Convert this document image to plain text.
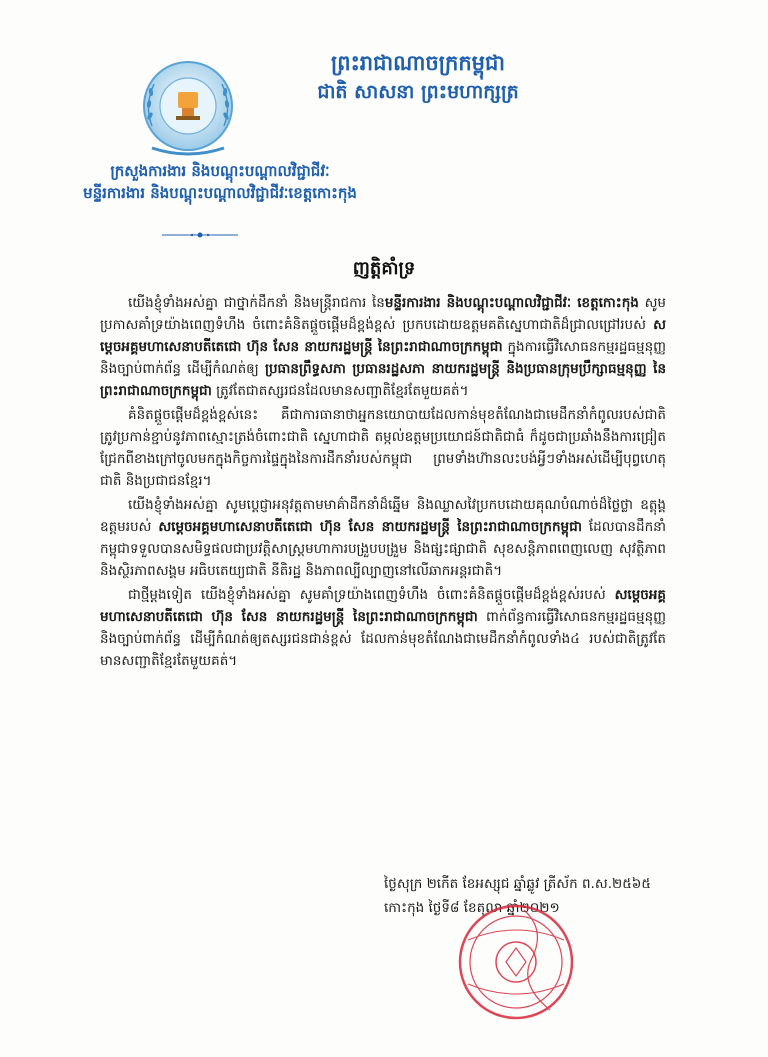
ព្រះរាជាណាចក្រកម្ពុជា
ជាតិ សាសនា ព្រះមហាក្សត្រ
ក្រសួងការងារ និងបណ្តុះបណ្តាលវិជ្ជាជីវៈ
មន្ទីរការងារ និងបណ្តុះបណ្តាលវិជ្ជាជីវៈខេត្តកោះកុង
ញត្តិគាំទ្រ

យើងខ្ញុំទាំងអស់គ្នា ជាថ្នាក់ដឹកនាំ និងមន្ត្រីរាជការ នៃមន្ទីរការងារ និងបណ្តុះបណ្តាលវិជ្ជាជីវៈ ខេត្តកោះកុង សូមប្រកាសគាំទ្រយ៉ាងពេញទំហឹង ចំពោះគំនិតផ្តួចផ្តើមដ៏ខ្ពង់ខ្ពស់ ប្រកបដោយឧត្តមគតិស្នេហាជាតិដ៏ជ្រាលជ្រៅរបស់ សម្តេចអគ្គមហាសេនាបតីតេជោ ហ៊ុន សែន នាយករដ្ឋមន្ត្រី នៃព្រះរាជាណាចក្រកម្ពុជា ក្នុងការធ្វើវិសោធនកម្មរដ្ឋធម្មនុញ្ញ និងច្បាប់ពាក់ព័ន្ធ ដើម្បីកំណត់ឲ្យ ប្រធានព្រឹទ្ធសភា ប្រធានរដ្ឋសភា នាយករដ្ឋមន្ត្រី និងប្រធានក្រុមប្រឹក្សាធម្មនុញ្ញ នៃព្រះរាជាណាចក្រកម្ពុជា ត្រូវតែជាតស្សរជនដែលមានសញ្ជាតិខ្មែរតែមួយគត់។

គំនិតផ្តួចផ្តើមដ៏ខ្ពង់ខ្ពស់នេះ គឺជាការធានាថាអ្នកនយោបាយដែលកាន់មុខតំណែងជាមេដឹកនាំកំពូលរបស់ជាតិ ត្រូវប្រកាន់ខ្ជាប់នូវភាពស្មោះត្រង់ចំពោះជាតិ ស្នេហាជាតិ តម្កល់ឧត្តមប្រយោជន៍ជាតិជាធំ ក៏ដូចជាប្រឆាំងនឹងការជ្រៀតជ្រែកពីខាងក្រៅចូលមកក្នុងកិច្ចការផ្ទៃក្នុងនៃការដឹកនាំរបស់កម្ពុជា ព្រមទាំងហ៊ានលះបង់អ្វីៗទាំងអស់ដើម្បីបុព្វហេតុជាតិ និងប្រជាជនខ្មែរ។

យើងខ្ញុំទាំងអស់គ្នា សូមប្តេជ្ញាអនុវត្តតាមមាគ៌ាដឹកនាំដ៏ឆ្នើម និងឈ្លាសវៃប្រកបដោយគុណបំណាច់ដ៏ថ្លៃថ្លា ឧត្តុង្គឧត្តមរបស់ សម្តេចអគ្គមហាសេនាបតីតេជោ ហ៊ុន សែន នាយករដ្ឋមន្ត្រី នៃព្រះរាជាណាចក្រកម្ពុជា ដែលបានដឹកនាំកម្ពុជាទទួលបានសមិទ្ធផលជាប្រវត្តិសាស្ត្រមហាការបង្រួបបង្រួម និងផ្សះផ្សាជាតិ សុខសន្តិភាពពេញលេញ សុវត្ថិភាព និងស្ថិរភាពសង្គម អធិបតេយ្យជាតិ នីតិរដ្ឋ និងភាពល្បីល្បាញនៅលើឆាកអន្តរជាតិ។

ជាថ្មីម្តងទៀត យើងខ្ញុំទាំងអស់គ្នា សូមគាំទ្រយ៉ាងពេញទំហឹង ចំពោះគំនិតផ្តួចផ្តើមដ៏ខ្ពង់ខ្ពស់របស់ សម្តេចអគ្គមហាសេនាបតីតេជោ ហ៊ុន សែន នាយករដ្ឋមន្ត្រី នៃព្រះរាជាណាចក្រកម្ពុជា ពាក់ព័ន្ធការធ្វើវិសោធនកម្មរដ្ឋធម្មនុញ្ញ និងច្បាប់ពាក់ព័ន្ធ ដើម្បីកំណត់ឲ្យតស្សរជនជាន់ខ្ពស់ ដែលកាន់មុខតំណែងជាមេដឹកនាំកំពូលទាំង៤ របស់ជាតិត្រូវតែមានសញ្ជាតិខ្មែរតែមួយគត់។

ថ្ងៃសុក្រ ២កើត ខែអស្សុជ ឆ្នាំឆ្លូវ ត្រីស័ក ព.ស.២៥៦៥
កោះកុង ថ្ងៃទី៨ ខែតុលា ឆ្នាំ២០២១
